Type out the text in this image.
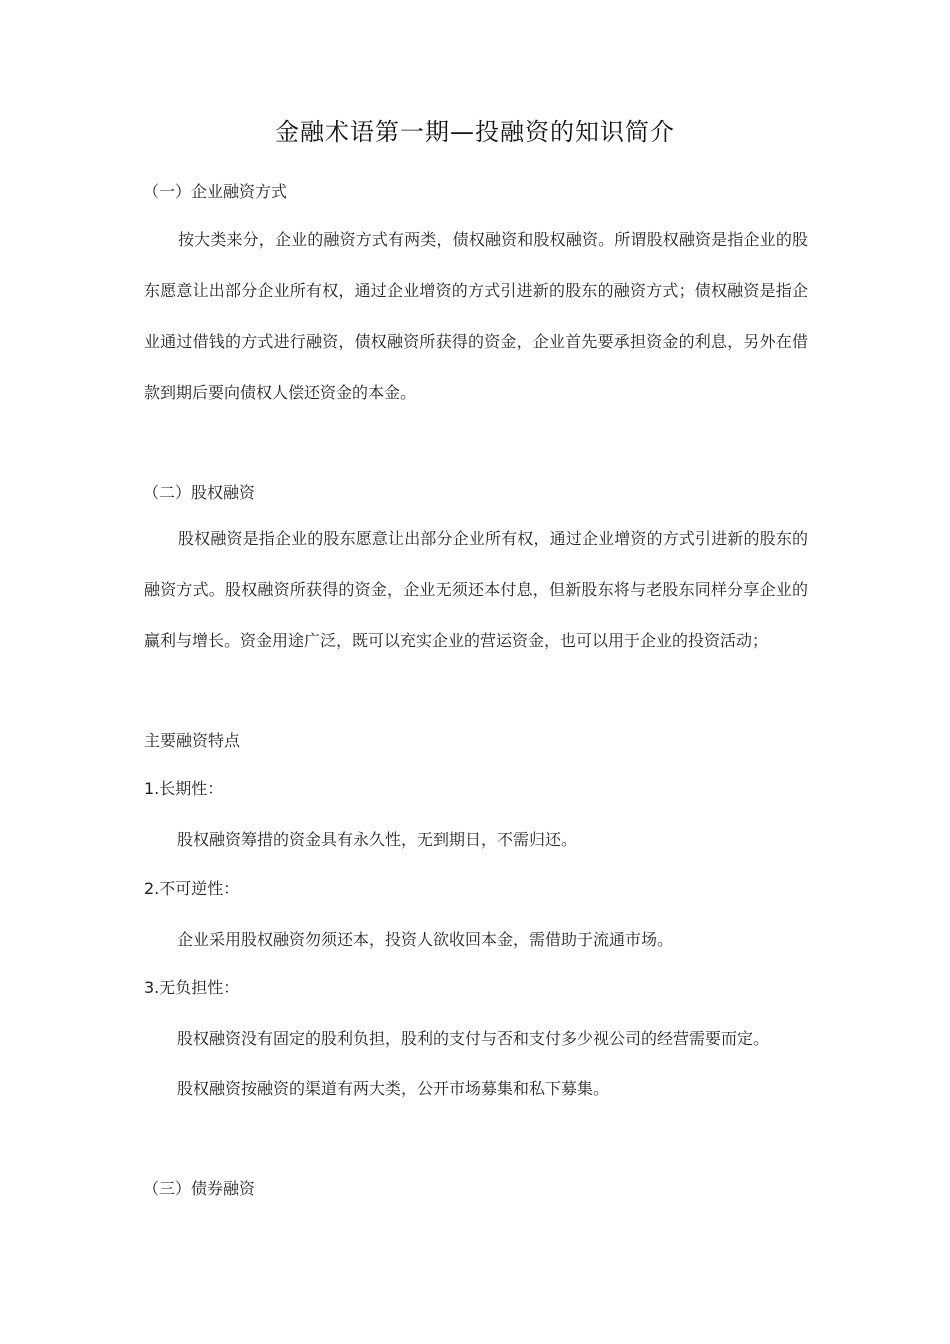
金融术语第一期—投融资的知识简介
（一）企业融资方式
按大类来分，企业的融资方式有两类，债权融资和股权融资。所谓股权融资是指企业的股东愿意让出部分企业所有权，通过企业增资的方式引进新的股东的融资方式；债权融资是指企业通过借钱的方式进行融资，债权融资所获得的资金，企业首先要承担资金的利息，另外在借款到期后要向债权人偿还资金的本金。
（二）股权融资
股权融资是指企业的股东愿意让出部分企业所有权，通过企业增资的方式引进新的股东的融资方式。股权融资所获得的资金，企业无须还本付息，但新股东将与老股东同样分享企业的赢利与增长。资金用途广泛，既可以充实企业的营运资金，也可以用于企业的投资活动；
主要融资特点
1.长期性：
股权融资筹措的资金具有永久性，无到期日，不需归还。
2.不可逆性：
企业采用股权融资勿须还本，投资人欲收回本金，需借助于流通市场。
3.无负担性：
股权融资没有固定的股利负担，股利的支付与否和支付多少视公司的经营需要而定。
股权融资按融资的渠道有两大类，公开市场募集和私下募集。
（三）债券融资
